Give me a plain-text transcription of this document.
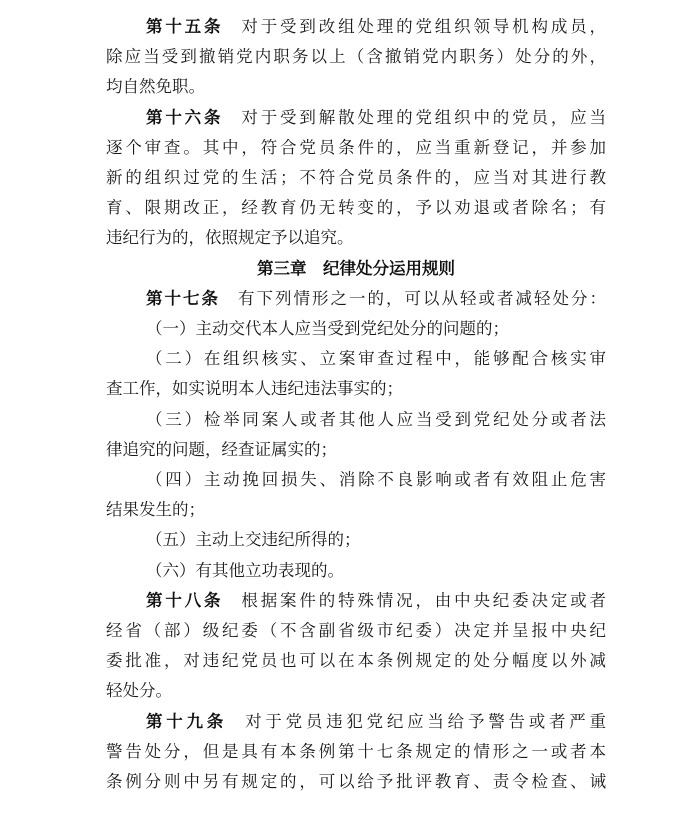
第十五条 对于受到改组处理的党组织领导机构成员，
除应当受到撤销党内职务以上（含撤销党内职务）处分的外，
均自然免职。
第十六条 对于受到解散处理的党组织中的党员，应当
逐个审查。其中，符合党员条件的，应当重新登记，并参加
新的组织过党的生活；不符合党员条件的，应当对其进行教
育、限期改正，经教育仍无转变的，予以劝退或者除名；有
违纪行为的，依照规定予以追究。
第三章　纪律处分运用规则
第十七条 有下列情形之一的，可以从轻或者减轻处分：
（一）主动交代本人应当受到党纪处分的问题的；
（二）在组织核实、立案审查过程中，能够配合核实审
查工作，如实说明本人违纪违法事实的；
（三）检举同案人或者其他人应当受到党纪处分或者法
律追究的问题，经查证属实的；
（四）主动挽回损失、消除不良影响或者有效阻止危害
结果发生的；
（五）主动上交违纪所得的；
（六）有其他立功表现的。
第十八条 根据案件的特殊情况，由中央纪委决定或者
经省（部）级纪委（不含副省级市纪委）决定并呈报中央纪
委批准，对违纪党员也可以在本条例规定的处分幅度以外减
轻处分。
第十九条 对于党员违犯党纪应当给予警告或者严重
警告处分，但是具有本条例第十七条规定的情形之一或者本
条例分则中另有规定的，可以给予批评教育、责令检查、诫
